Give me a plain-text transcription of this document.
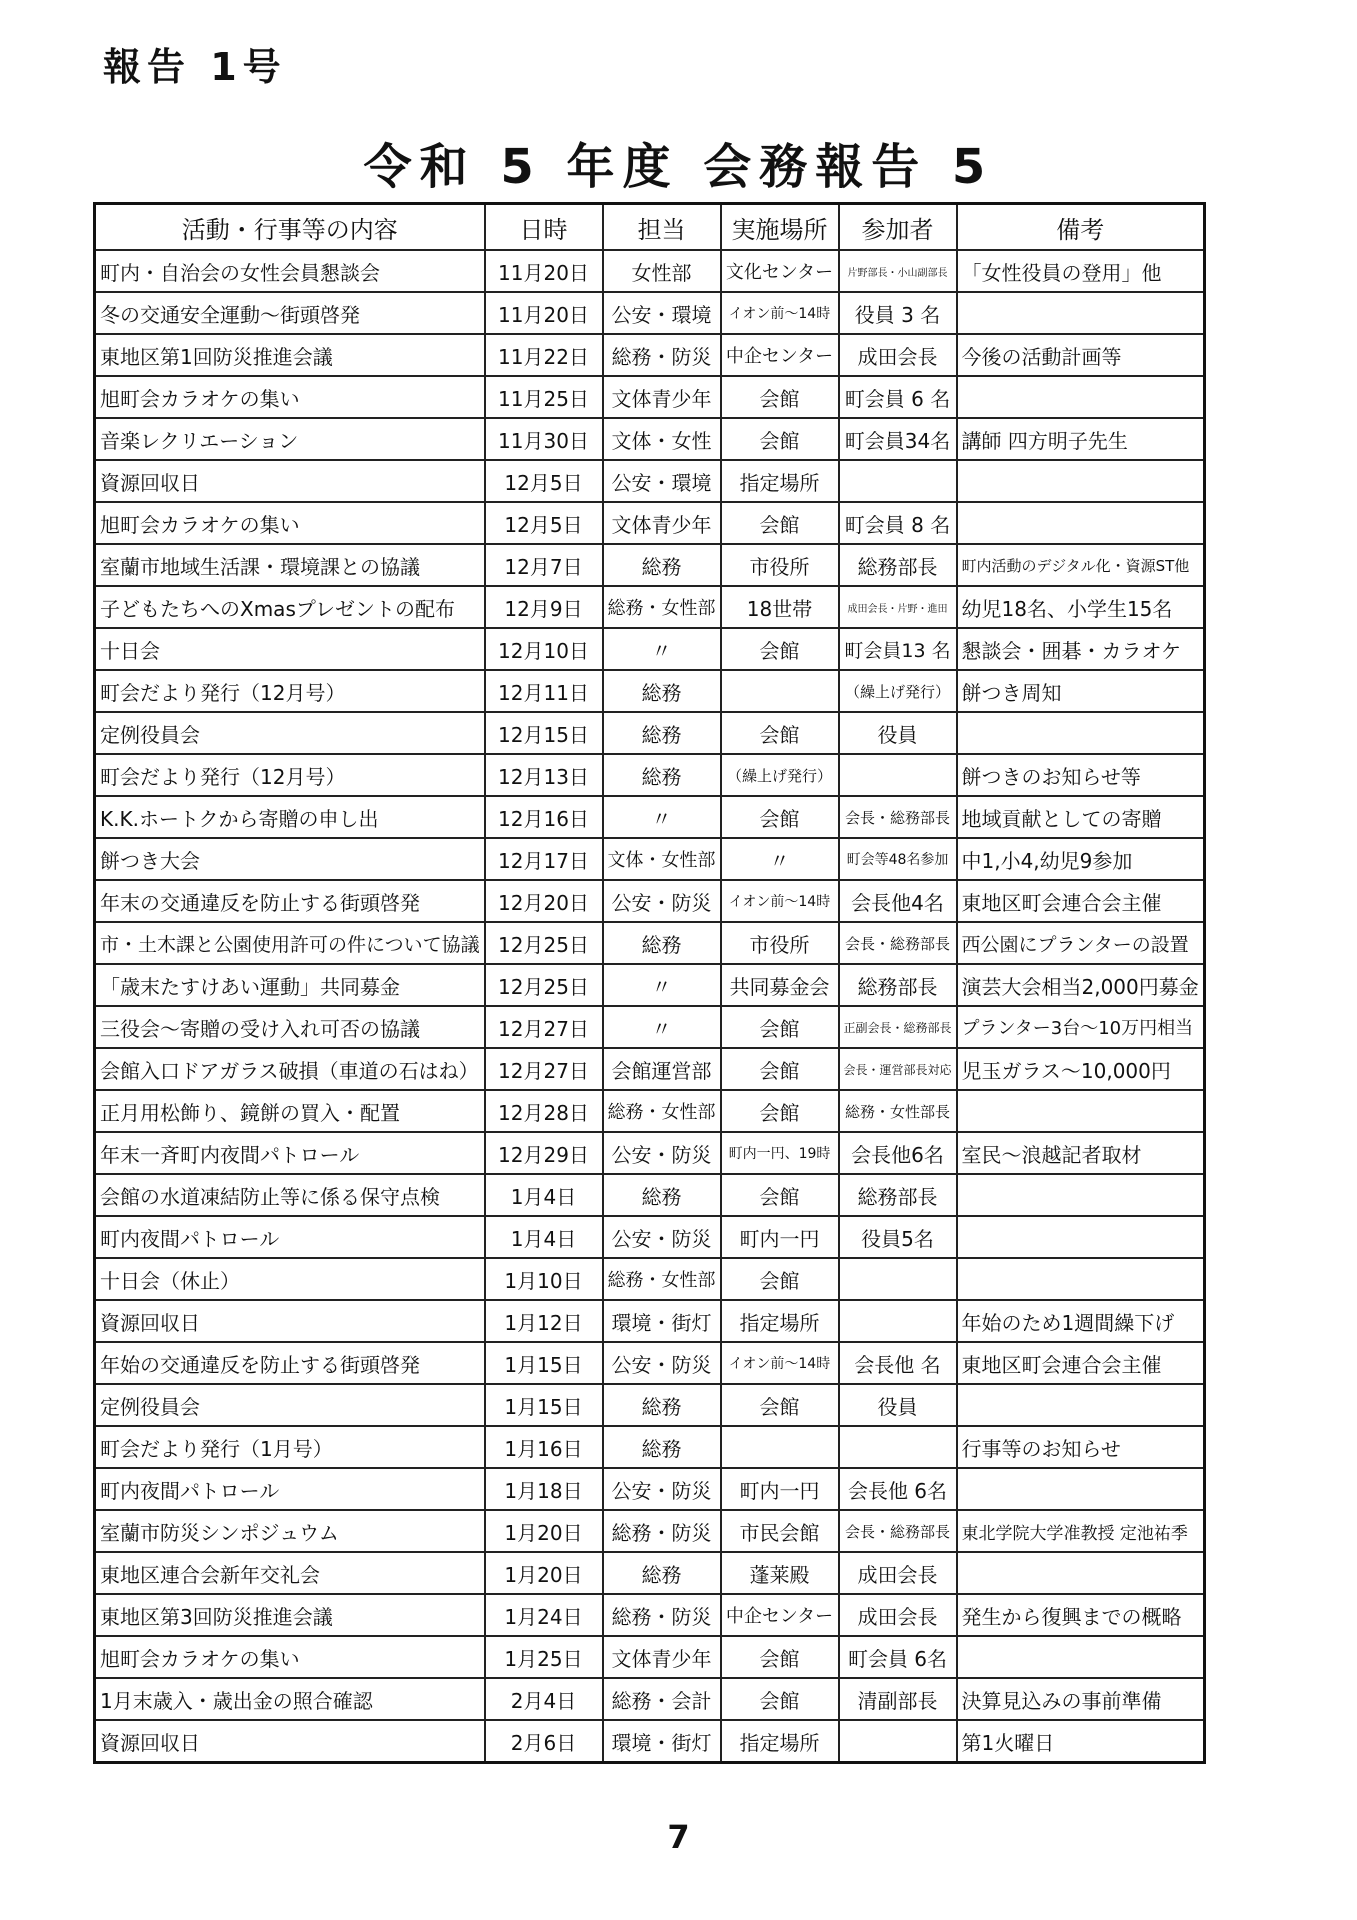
報告 1号
令和 5 年度 会務報告 5
活動・行事等の内容	日時	担当	実施場所	参加者	備考
町内・自治会の女性会員懇談会	11月20日	女性部	文化センター	片野部長・小山副部長	「女性役員の登用」他
冬の交通安全運動～街頭啓発	11月20日	公安・環境	イオン前～14時	役員 3 名	
東地区第1回防災推進会議	11月22日	総務・防災	中企センター	成田会長	今後の活動計画等
旭町会カラオケの集い	11月25日	文体青少年	会館	町会員 6 名	
音楽レクリエーション	11月30日	文体・女性	会館	町会員34名	講師 四方明子先生
資源回収日	12月5日	公安・環境	指定場所		
旭町会カラオケの集い	12月5日	文体青少年	会館	町会員 8 名	
室蘭市地域生活課・環境課との協議	12月7日	総務	市役所	総務部長	町内活動のデジタル化・資源ST他
子どもたちへのXmasプレゼントの配布	12月9日	総務・女性部	18世帯	成田会長・片野・進田	幼児18名、小学生15名
十日会	12月10日	〃	会館	町会員13 名	懇談会・囲碁・カラオケ
町会だより発行（12月号）	12月11日	総務		（繰上げ発行）	餅つき周知
定例役員会	12月15日	総務	会館	役員	
町会だより発行（12月号）	12月13日	総務	（繰上げ発行）		餅つきのお知らせ等
K.K.ホートクから寄贈の申し出	12月16日	〃	会館	会長・総務部長	地域貢献としての寄贈
餅つき大会	12月17日	文体・女性部	〃	町会等48名参加	中1,小4,幼児9参加
年末の交通違反を防止する街頭啓発	12月20日	公安・防災	イオン前～14時	会長他4名	東地区町会連合会主催
市・土木課と公園使用許可の件について協議	12月25日	総務	市役所	会長・総務部長	西公園にプランターの設置
「歳末たすけあい運動」共同募金	12月25日	〃	共同募金会	総務部長	演芸大会相当2,000円募金
三役会～寄贈の受け入れ可否の協議	12月27日	〃	会館	正副会長・総務部長	プランター3台～10万円相当
会館入口ドアガラス破損（車道の石はね）	12月27日	会館運営部	会館	会長・運営部長対応	児玉ガラス～10,000円
正月用松飾り、鏡餅の買入・配置	12月28日	総務・女性部	会館	総務・女性部長	
年末一斉町内夜間パトロール	12月29日	公安・防災	町内一円、19時	会長他6名	室民～浪越記者取材
会館の水道凍結防止等に係る保守点検	1月4日	総務	会館	総務部長	
町内夜間パトロール	1月4日	公安・防災	町内一円	役員5名	
十日会（休止）	1月10日	総務・女性部	会館		
資源回収日	1月12日	環境・街灯	指定場所		年始のため1週間繰下げ
年始の交通違反を防止する街頭啓発	1月15日	公安・防災	イオン前～14時	会長他 名	東地区町会連合会主催
定例役員会	1月15日	総務	会館	役員	
町会だより発行（1月号）	1月16日	総務			行事等のお知らせ
町内夜間パトロール	1月18日	公安・防災	町内一円	会長他 6名	
室蘭市防災シンポジュウム	1月20日	総務・防災	市民会館	会長・総務部長	東北学院大学准教授 定池祐季
東地区連合会新年交礼会	1月20日	総務	蓬莱殿	成田会長	
東地区第3回防災推進会議	1月24日	総務・防災	中企センター	成田会長	発生から復興までの概略
旭町会カラオケの集い	1月25日	文体青少年	会館	町会員 6名	
1月末歳入・歳出金の照合確認	2月4日	総務・会計	会館	清副部長	決算見込みの事前準備
資源回収日	2月6日	環境・街灯	指定場所		第1火曜日
7
